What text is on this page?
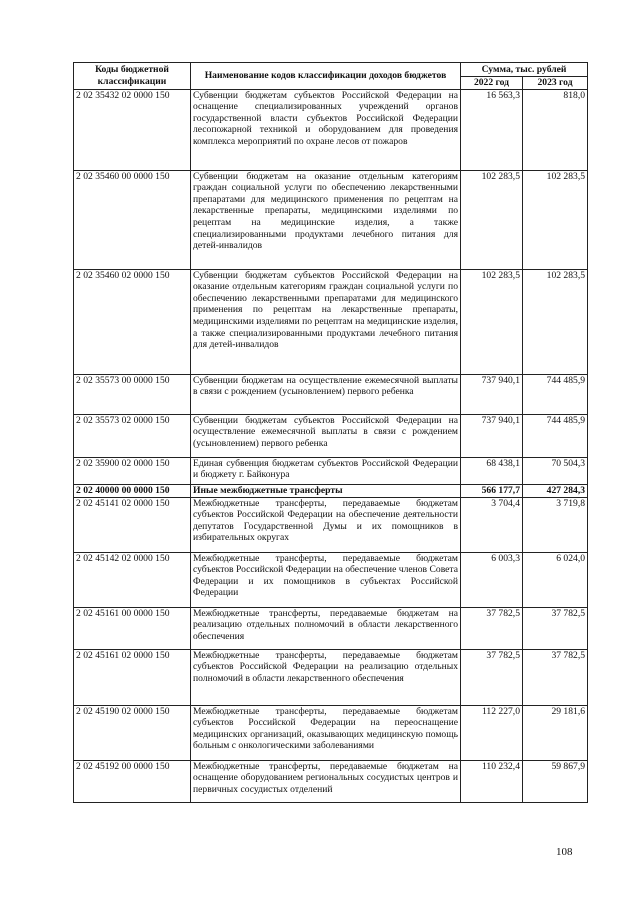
Коды бюджетной классификации	Наименование кодов классификации доходов бюджетов	Сумма, тыс. рублей	
		2022 год	2023 год
2 02 35432 02 0000 150	Субвенции бюджетам субъектов Российской Федерации на оснащение специализированных учреждений органов государственной власти субъектов Российской Федерации лесопожарной техникой и оборудованием для проведения комплекса мероприятий по охране лесов от пожаров	16 563,3	818,0
2 02 35460 00 0000 150	Субвенции бюджетам на оказание отдельным категориям граждан социальной услуги по обеспечению лекарственными препаратами для медицинского применения по рецептам на лекарственные препараты, медицинскими изделиями по рецептам на медицинские изделия, а также специализированными продуктами лечебного питания для детей-инвалидов	102 283,5	102 283,5
2 02 35460 02 0000 150	Субвенции бюджетам субъектов Российской Федерации на оказание отдельным категориям граждан социальной услуги по обеспечению лекарственными препаратами для медицинского применения по рецептам на лекарственные препараты, медицинскими изделиями по рецептам на медицинские изделия, а также специализированными продуктами лечебного питания для детей-инвалидов	102 283,5	102 283,5
2 02 35573 00 0000 150	Субвенции бюджетам на осуществление ежемесячной выплаты в связи с рождением (усыновлением) первого ребенка	737 940,1	744 485,9
2 02 35573 02 0000 150	Субвенции бюджетам субъектов Российской Федерации на осуществление ежемесячной выплаты в связи с рождением (усыновлением) первого ребенка	737 940,1	744 485,9
2 02 35900 02 0000 150	Единая субвенция бюджетам субъектов Российской Федерации и бюджету г. Байконура	68 438,1	70 504,3
2 02 40000 00 0000 150	Иные межбюджетные трансферты	566 177,7	427 284,3
2 02 45141 02 0000 150	Межбюджетные трансферты, передаваемые бюджетам субъектов Российской Федерации на обеспечение деятельности депутатов Государственной Думы и их помощников в избирательных округах	3 704,4	3 719,8
2 02 45142 02 0000 150	Межбюджетные трансферты, передаваемые бюджетам субъектов Российской Федерации на обеспечение членов Совета Федерации и их помощников в субъектах Российской Федерации	6 003,3	6 024,0
2 02 45161 00 0000 150	Межбюджетные трансферты, передаваемые бюджетам на реализацию отдельных полномочий в области лекарственного обеспечения	37 782,5	37 782,5
2 02 45161 02 0000 150	Межбюджетные трансферты, передаваемые бюджетам субъектов Российской Федерации на реализацию отдельных полномочий в области лекарственного обеспечения	37 782,5	37 782,5
2 02 45190 02 0000 150	Межбюджетные трансферты, передаваемые бюджетам субъектов Российской Федерации на переоснащение медицинских организаций, оказывающих медицинскую помощь больным с онкологическими заболеваниями	112 227,0	29 181,6
2 02 45192 00 0000 150	Межбюджетные трансферты, передаваемые бюджетам на оснащение оборудованием региональных сосудистых центров и первичных сосудистых отделений	110 232,4	59 867,9
108
